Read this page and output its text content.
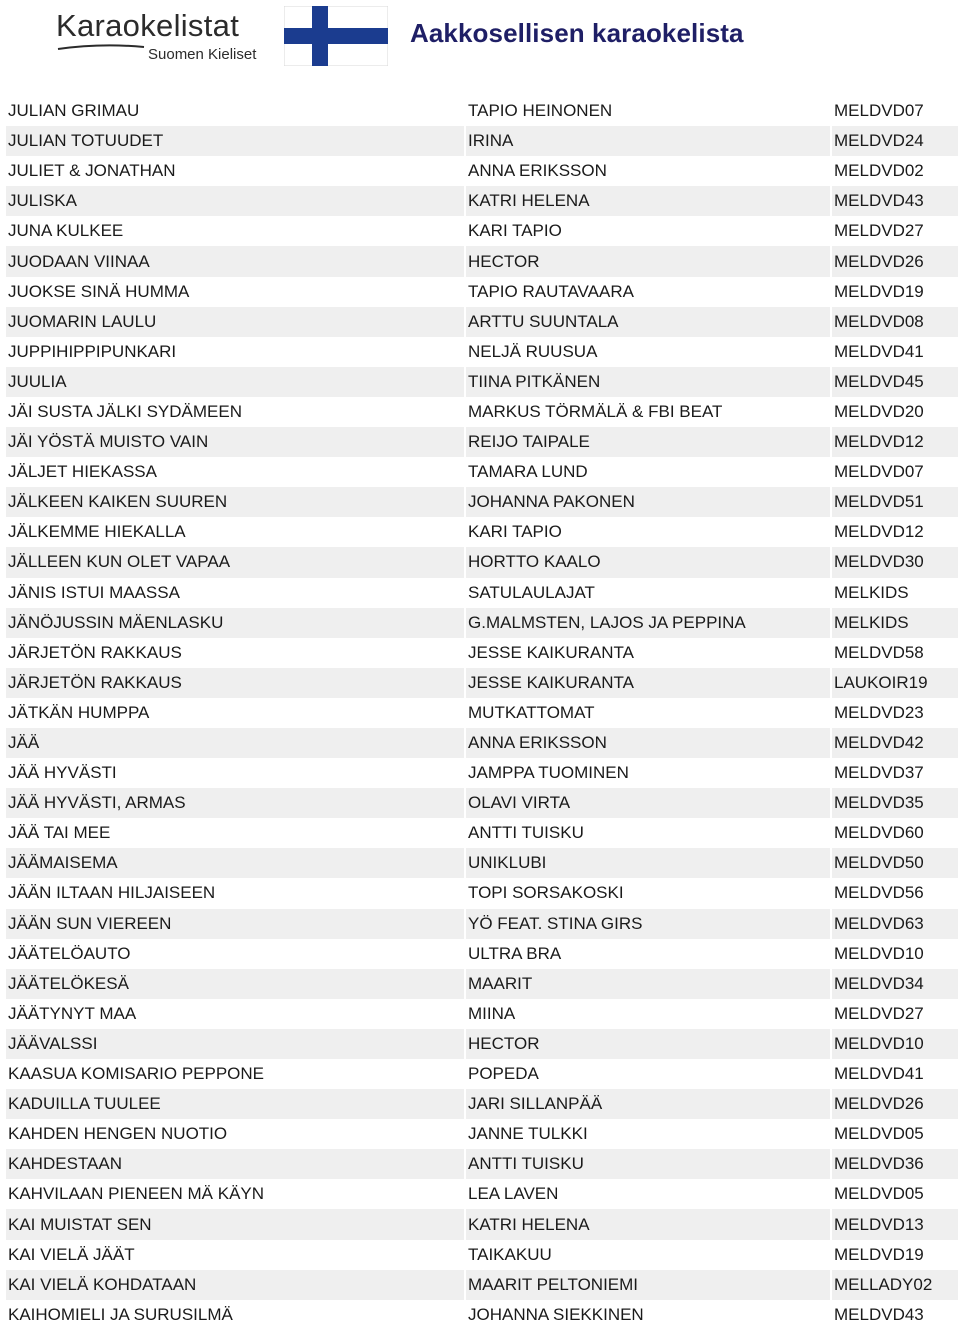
Karaokelistat
Suomen Kieliset
Aakkosellisen karaokelista
JULIAN GRIMAU	TAPIO HEINONEN	MELDVD07
JULIAN TOTUUDET	IRINA	MELDVD24
JULIET & JONATHAN	ANNA ERIKSSON	MELDVD02
JULISKA	KATRI HELENA	MELDVD43
JUNA KULKEE	KARI TAPIO	MELDVD27
JUODAAN VIINAA	HECTOR	MELDVD26
JUOKSE SINÄ HUMMA	TAPIO RAUTAVAARA	MELDVD19
JUOMARIN LAULU	ARTTU SUUNTALA	MELDVD08
JUPPIHIPPIPUNKARI	NELJÄ RUUSUA	MELDVD41
JUULIA	TIINA PITKÄNEN	MELDVD45
JÄI SUSTA JÄLKI SYDÄMEEN	MARKUS TÖRMÄLÄ & FBI BEAT	MELDVD20
JÄI YÖSTÄ MUISTO VAIN	REIJO TAIPALE	MELDVD12
JÄLJET HIEKASSA	TAMARA LUND	MELDVD07
JÄLKEEN KAIKEN SUUREN	JOHANNA PAKONEN	MELDVD51
JÄLKEMME HIEKALLA	KARI TAPIO	MELDVD12
JÄLLEEN KUN OLET VAPAA	HORTTO KAALO	MELDVD30
JÄNIS ISTUI MAASSA	SATULAULAJAT	MELKIDS
JÄNÖJUSSIN MÄENLASKU	G.MALMSTEN, LAJOS JA PEPPINA	MELKIDS
JÄRJETÖN RAKKAUS	JESSE KAIKURANTA	MELDVD58
JÄRJETÖN RAKKAUS	JESSE KAIKURANTA	LAUKOIR19
JÄTKÄN HUMPPA	MUTKATTOMAT	MELDVD23
JÄÄ	ANNA ERIKSSON	MELDVD42
JÄÄ HYVÄSTI	JAMPPA TUOMINEN	MELDVD37
JÄÄ HYVÄSTI, ARMAS	OLAVI VIRTA	MELDVD35
JÄÄ TAI MEE	ANTTI TUISKU	MELDVD60
JÄÄMAISEMA	UNIKLUBI	MELDVD50
JÄÄN ILTAAN HILJAISEEN	TOPI SORSAKOSKI	MELDVD56
JÄÄN SUN VIEREEN	YÖ FEAT. STINA GIRS	MELDVD63
JÄÄTELÖAUTO	ULTRA BRA	MELDVD10
JÄÄTELÖKESÄ	MAARIT	MELDVD34
JÄÄTYNYT MAA	MIINA	MELDVD27
JÄÄVALSSI	HECTOR	MELDVD10
KAASUA KOMISARIO PEPPONE	POPEDA	MELDVD41
KADUILLA TUULEE	JARI SILLANPÄÄ	MELDVD26
KAHDEN HENGEN NUOTIO	JANNE TULKKI	MELDVD05
KAHDESTAAN	ANTTI TUISKU	MELDVD36
KAHVILAAN PIENEEN MÄ KÄYN	LEA LAVEN	MELDVD05
KAI MUISTAT SEN	KATRI HELENA	MELDVD13
KAI VIELÄ JÄÄT	TAIKAKUU	MELDVD19
KAI VIELÄ KOHDATAAN	MAARIT PELTONIEMI	MELLADY02
KAIHOMIELI JA SURUSILMÄ	JOHANNA SIEKKINEN	MELDVD43
